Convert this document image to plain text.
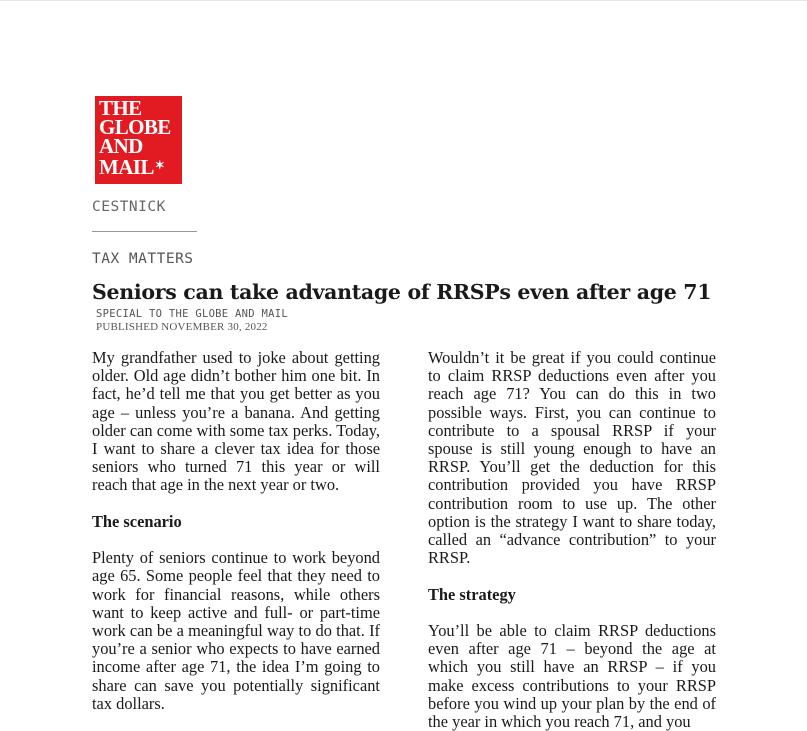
THE
GLOBE
AND
MAIL✶
CESTNICK
TAX MATTERS
Seniors can take advantage of RRSPs even after age 71
SPECIAL TO THE GLOBE AND MAIL
PUBLISHED NOVEMBER 30, 2022

My grandfather used to joke about getting older. Old age didn’t bother him one bit. In fact, he’d tell me that you get better as you age – unless you’re a banana. And getting older can come with some tax perks. Today, I want to share a clever tax idea for those seniors who turned 71 this year or will reach that age in the next year or two.

The scenario

Plenty of seniors continue to work beyond age 65. Some people feel that they need to work for financial reasons, while others want to keep active and full- or part-time work can be a meaningful way to do that. If you’re a senior who expects to have earned income after age 71, the idea I’m going to share can save you potentially significant tax dollars.

Wouldn’t it be great if you could continue to claim RRSP deductions even after you reach age 71? You can do this in two possible ways. First, you can continue to contribute to a spousal RRSP if your spouse is still young enough to have an RRSP. You’ll get the deduction for this contribution provided you have RRSP contribution room to use up. The other option is the strategy I want to share today, called an “advance contribution” to your RRSP.

The strategy

You’ll be able to claim RRSP deductions even after age 71 – beyond the age at which you still have an RRSP – if you make excess contributions to your RRSP before you wind up your plan by the end of the year in which you reach 71, and you
